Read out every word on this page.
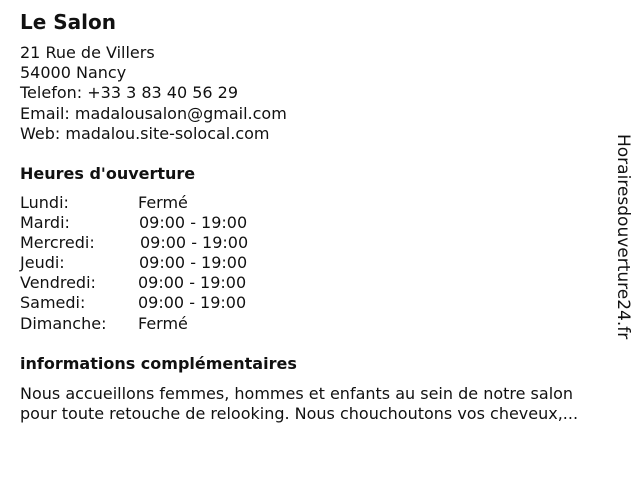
Le Salon
21 Rue de Villers
54000 Nancy
Telefon: +33 3 83 40 56 29
Email: madalousalon@gmail.com
Web: madalou.site-solocal.com
Heures d'ouverture
Lundi:	Fermé
Mardi:	09:00 - 19:00
Mercredi:	09:00 - 19:00
Jeudi:	09:00 - 19:00
Vendredi:	09:00 - 19:00
Samedi:	09:00 - 19:00
Dimanche: Fermé
informations complémentaires
Nous accueillons femmes, hommes et enfants au sein de notre salon
pour toute retouche de relooking. Nous chouchoutons vos cheveux,...
Horairesdouverture24.fr
